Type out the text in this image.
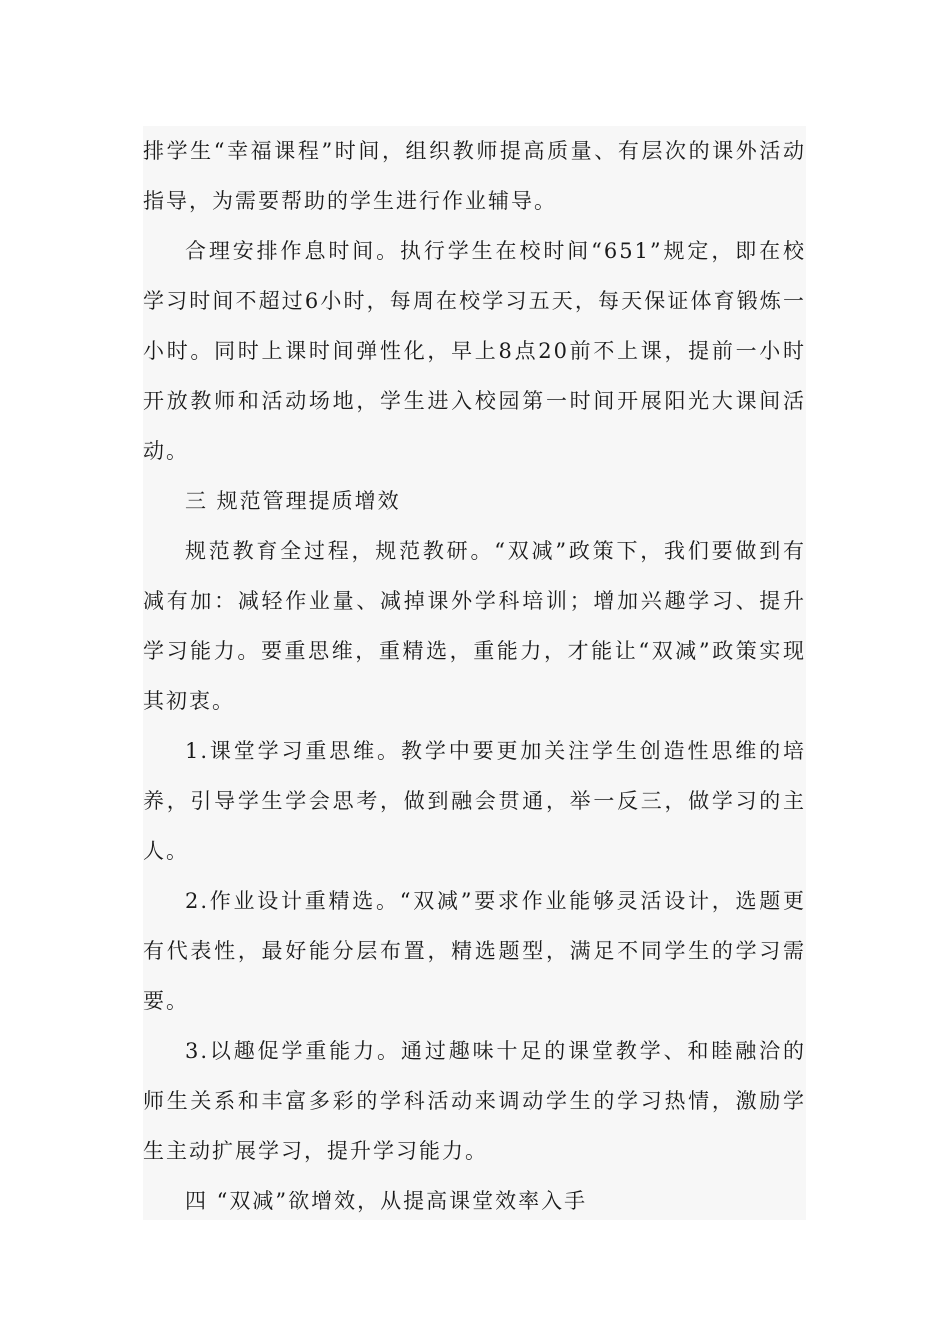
排学生“幸福课程”时间，组织教师提高质量、有层次的课外活动指导，为需要帮助的学生进行作业辅导。

合理安排作息时间。执行学生在校时间“651”规定，即在校学习时间不超过6小时，每周在校学习五天，每天保证体育锻炼一小时。同时上课时间弹性化，早上8点20前不上课，提前一小时开放教师和活动场地，学生进入校园第一时间开展阳光大课间活动。

三 规范管理提质增效

规范教育全过程，规范教研。“双减”政策下，我们要做到有减有加：减轻作业量、减掉课外学科培训；增加兴趣学习、提升学习能力。要重思维，重精选，重能力，才能让“双减”政策实现其初衷。

1.课堂学习重思维。教学中要更加关注学生创造性思维的培养，引导学生学会思考，做到融会贯通，举一反三，做学习的主人。

2.作业设计重精选。“双减”要求作业能够灵活设计，选题更有代表性，最好能分层布置，精选题型，满足不同学生的学习需要。

3.以趣促学重能力。通过趣味十足的课堂教学、和睦融洽的师生关系和丰富多彩的学科活动来调动学生的学习热情，激励学生主动扩展学习，提升学习能力。

四 “双减”欲增效，从提高课堂效率入手
